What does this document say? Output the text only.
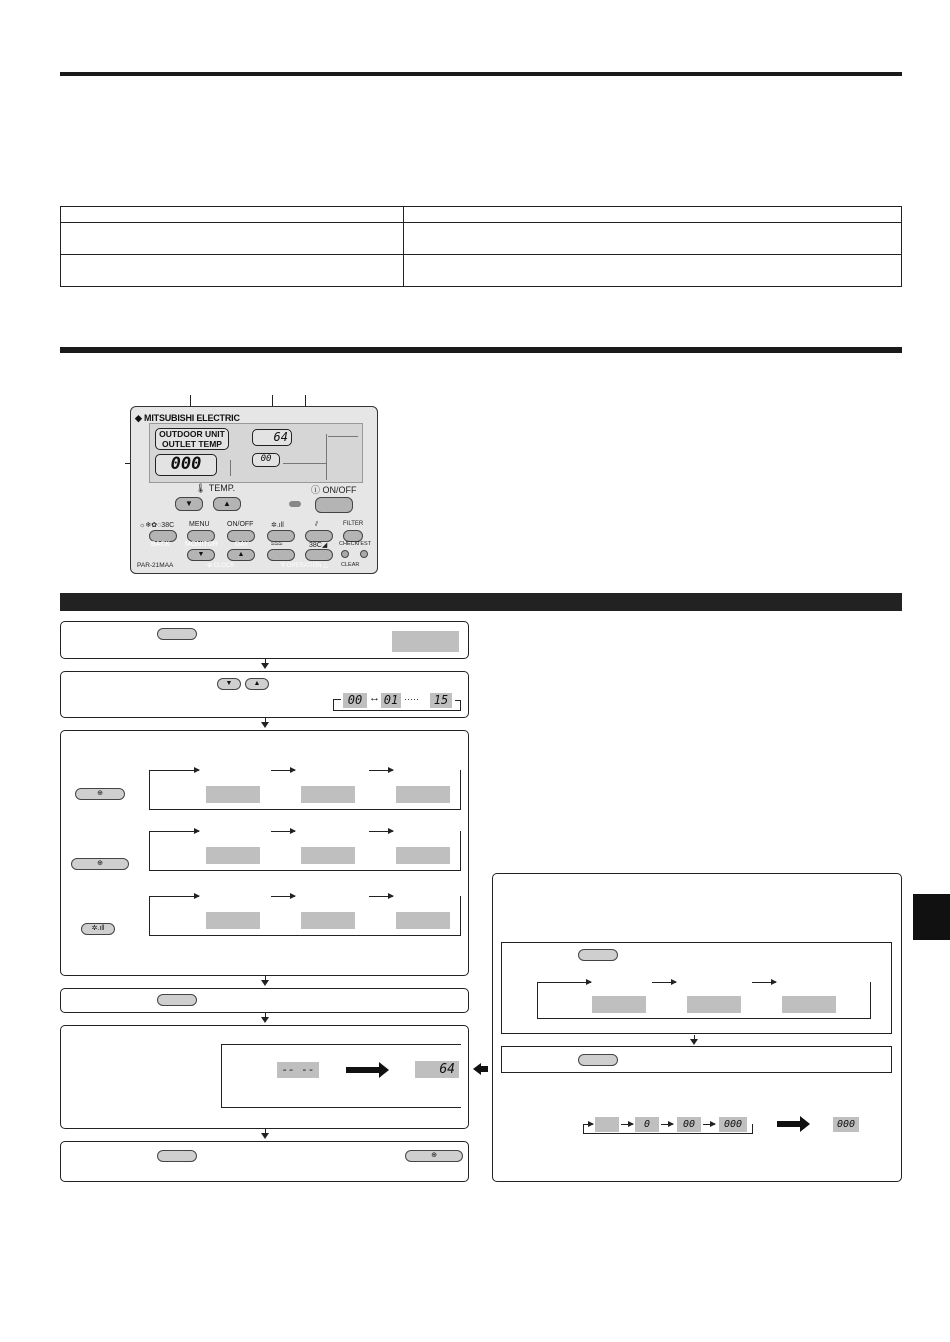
◆ MITSUBISHI ELECTRIC
OUTDOOR UNIT
OUTLET TEMP
000
64
00
🌡 TEMP.
▼	▲
ⓘ ON/OFF
☼❄✿◌38C MENU ON/OFF	✲.ıll	⫽	FILTER
BACK MONITOR DAY	≈≈≈	38C◢ CHECK
TEST
▼	▲
⊕ CLOCK	∇ OPERATION △ CLEAR
PAR-21MAA
▼	▲
00 ↔ 01 ·····	15
⊕
⊕
✲.ıll
-- --	64
⊕
0	00	000	000
